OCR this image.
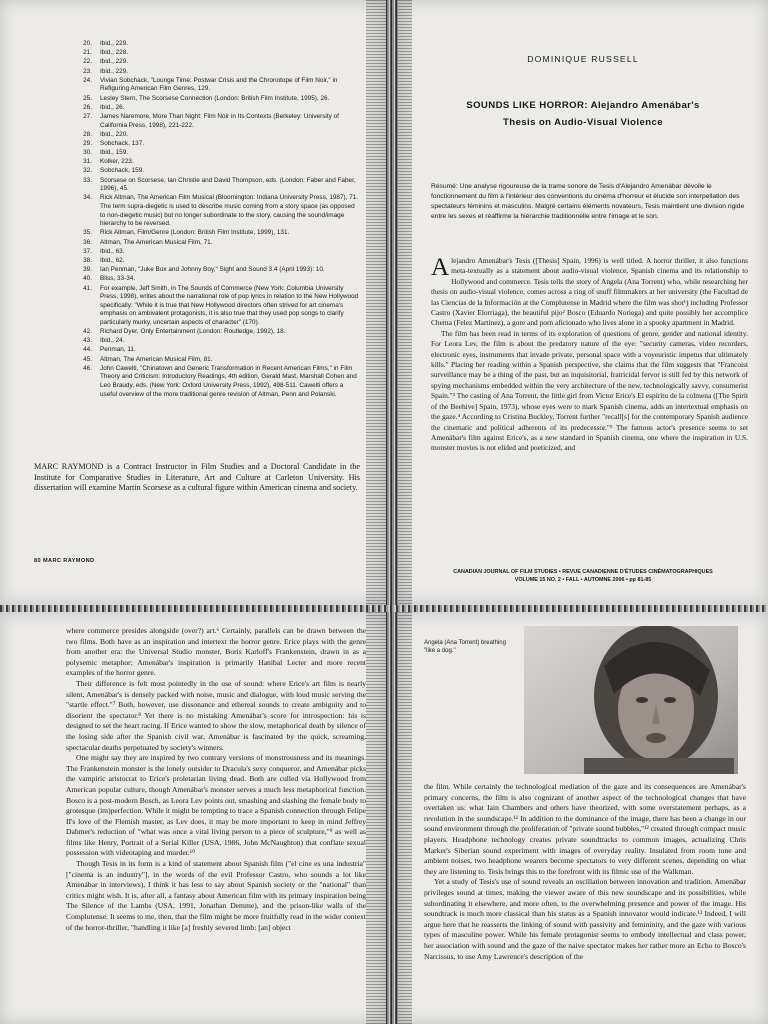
20. Ibid., 229.
21. Ibid., 228.
22. Ibid., 229.
23. Ibid., 229.
24. Vivian Sobchack, "Lounge Time: Postwar Crisis and the Chronotope of Film Noir," in Refiguring American Film Genres, 129.
25. Lesley Stern, The Scorsese Connection (London: British Film Institute, 1995), 26.
26. Ibid., 26.
27. James Naremore, More Than Night: Film Noir in Its Contexts (Berkeley: University of California Press, 1998), 221-222.
28. Ibid., 220.
29. Sobchack, 137.
30. Ibid., 159.
31. Kolker, 223.
32. Sobchack, 159.
33. Scorsese on Scorsese, Ian Christie and David Thompson, eds. (London: Faber and Faber, 1996), 45.
34. Rick Altman, The American Film Musical (Bloomington: Indiana University Press, 1987), 71. The term supra-diegetic is used to describe music coming from a story space (as opposed to non-diegetic music) but no longer subordinate to the story, causing the sound/image hierarchy to be reversed.
35. Rick Altman, Film/Genre (London: British Film Institute, 1999), 131.
36. Altman, The American Musical Film, 71.
37. Ibid., 63.
38. Ibid., 62.
39. Ian Penman, "Juke Box and Johnny Boy," Sight and Sound 3.4 (April 1993): 10.
40. Bliss, 33-34.
41. For example, Jeff Smith, in The Sounds of Commerce (New York: Columbia University Press, 1998), writes about the narrational role of pop lyrics in relation to the New Hollywood specifically: "While it is true that New Hollywood directors often strived for art cinema's emphasis on ambivalent protagonists, it is also true that they used pop songs to clarify particularly murky, uncertain aspects of character" (170).
42. Richard Dyer, Only Entertainment (London: Routledge, 1992), 18.
43. Ibid., 24.
44. Penman, 11.
45. Altman, The American Musical Film, 81.
46. John Cawelti, "Chinatown and Generic Transformation in Recent American Films," in Film Theory and Criticism: Introductory Readings, 4th edition, Gerald Mast, Marshall Cohen and Leo Braudy, eds. (New York: Oxford University Press, 1992), 498-511. Cawelti offers a useful overview of the more traditional genre revision of Altman, Penn and Polanski.

MARC RAYMOND is a Contract Instructor in Film Studies and a Doctoral Candidate in the Institute for Comparative Studies in Literature, Art and Culture at Carleton University. His dissertation will examine Martin Scorsese as a cultural figure within American cinema and society.

80 MARC RAYMOND
DOMINIQUE RUSSELL
SOUNDS LIKE HORROR: Alejandro Amenábar's
Thesis on Audio-Visual Violence

Résumé: Une analyse rigoureuse de la trame sonore de Tesis d'Alejandro Amenábar dévoile le fonctionnement du film à l'intérieur des conventions du cinéma d'horreur et élucide son interpellation des spectateurs féminins et masculins. Malgré certains éléments novateurs, Tesis maintient une division rigide entre les sexes et réaffirme la hiérarchie traditionnelle entre l'image et le son.

Alejandro Amenábar's Tesis ([Thesis] Spain, 1996) is well titled. A horror thriller, it also functions meta-textually as a statement about audio-visual violence, Spanish cinema and its relationship to Hollywood and commerce. Tesis tells the story of Angela (Ana Torrent) who, while researching her thesis on audio-visual violence, comes across a ring of snuff filmmakers at her university (the Facultad de las Ciencias de la Información at the Complutense in Madrid where the film was shot¹) including Professor Castro (Xavier Elorriaga), the beautiful pijo² Bosco (Eduardo Noriega) and quite possibly her accomplice Chema (Felez Martinez), a gore and porn aficionado who lives alone in a spooky apartment in Madrid.

The film has been read in terms of its exploration of questions of genre, gender and national identity. For Leora Lev, the film is about the predatory nature of the eye: "security cameras, video recorders, electronic eyes, instruments that invade private, personal space with a voyeuristic impetus that ultimately kills." Placing her reading within a Spanish perspective, she claims that the film suggests that "Francoist surveillance may be a thing of the past, but an inquisitorial, fratricidal fervor is still fed by this network of spying mechanisms embedded within the very architecture of the new, technologically savvy, consumerist Spain."³ The casting of Ana Torrent, the little girl from Victor Erice's El espíritu de la colmena ([The Spirit of the Beehive] Spain, 1973), whose eyes were to mark Spanish cinema, adds an intertextual emphasis on the gaze.⁴ According to Cristina Buckley, Torrent further "recall[s] for the contemporary Spanish audience the cinematic and political adherents of its predecessor."⁵ The famous actor's presence seems to set Amenábar's film against Erice's, as a new standard in Spanish cinema, one where the inspiration in U.S. monster movies is not elided and poeticized, and

CANADIAN JOURNAL OF FILM STUDIES • REVUE CANADIENNE D'ÉTUDES CINÉMATOGRAPHIQUES
VOLUME 15 NO. 2 • FALL • AUTOMNE 2006 • pp 81-85

where commerce presides alongside (over?) art.⁶ Certainly, parallels can be drawn between the two films. Both have as an inspiration and intertext the horror genre. Erice plays with the genre from another era: the Universal Studio monster, Boris Karloff's Frankenstein, drawn in as a polysemic metaphor; Amenábar's inspiration is primarily Hanibal Lecter and more recent examples of the horror genre.

Their difference is felt most pointedly in the use of sound: where Erice's art film is nearly silent, Amenábar's is densely packed with noise, music and dialogue, with loud music serving the "startle effect."⁷ Both, however, use dissonance and ethereal sounds to create ambiguity and to disorient the spectator.⁸ Yet there is no mistaking Amenábar's score for introspection: his is designed to set the heart racing. If Erice wanted to show the slow, metaphorical death by silence of the losing side after the Spanish civil war, Amenábar is fascinated by the quick, screaming, spectacular deaths perpetuated by society's winners.

One might say they are inspired by two contrary versions of monstrousness and its meanings. The Frankenstein monster is the lonely outsider to Dracula's sexy conqueror, and Amenábar picks the vampiric aristocrat to Erice's proletarian living dead. Both are culled via Hollywood from American popular culture, though Amenábar's monster serves a much less metaphorical function. Bosco is a post-modern Bosch, as Leora Lev points out, smashing and slashing the female body to grotesque (im)perfection. While it might be tempting to trace a Spanish connection through Felipe II's love of the Flemish master, as Lev does, it may be more important to keep in mind Jeffrey Dahmer's reduction of "what was once a vital living person to a piece of sculpture,"⁹ as well as films like Henry, Portrait of a Serial Killer (USA, 1986, John McNaughton) that conflate sexual possession with videotaping and murder.¹⁰

Though Tesis in its form is a kind of statement about Spanish film ("el cine es una industria" ["cinema is an industry"], in the words of the evil Professor Castro, who sounds a lot like Amenábar in interviews), I think it has less to say about Spanish society or the "national" than critics might wish. It is, after all, a fantasy about American film with its primary inspiration being The Silence of the Lambs (USA, 1991, Jonathan Demme), and the prison-like walls of the Complutense. It seems to me, then, that the film might be more fruitfully read in the wider context of the horror-thriller, "handling it like [a] freshly severed limb: [an] object

Angela (Ana Torrent) breathing "like a dog."

the film. While certainly the technological mediation of the gaze and its consequences are Amenábar's primary concerns, the film is also cognizant of another aspect of the technological changes that have overtaken us: what Iain Chambers and others have theorized, with some overstatement perhaps, as a revolution in the soundscape.¹¹ In addition to the dominance of the image, there has been a change in our sound environment through the proliferation of "private sound bubbles,"¹² created through compact music players. Headphone technology creates private soundtracks to common images, actualizing Chris Marker's Siberian sound experiment with images of everyday reality. Insulated from room tone and ambient noises, two headphone wearers become spectators to very different scenes, depending on what they are listening to. Tesis brings this to the forefront with its filmic use of the Walkman.

Yet a study of Tesis's use of sound reveals an oscillation between innovation and tradition. Amenábar privileges sound at times, making the viewer aware of this new soundscape and its possibilities, while subordinating it elsewhere, and more often, to the overwhelming presence and power of the image. His soundtrack is much more classical than his status as a Spanish innovator would indicate.¹³ Indeed, I will argue here that he reasserts the linking of sound with passivity and femininity, and the gaze with various types of masculine power. While his female protagonist seems to embody intellectual and class power, her association with sound and the gaze of the naive spectator makes her rather more an Echo to Bosco's Narcissus, to use Amy Lawrence's description of the
